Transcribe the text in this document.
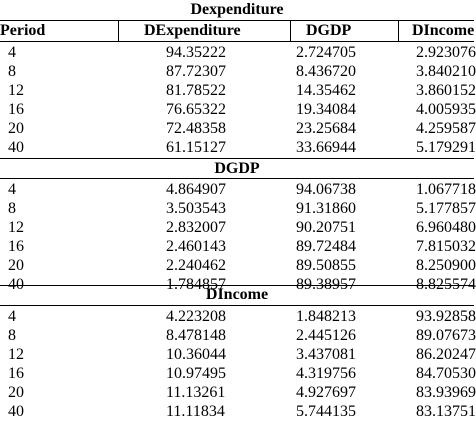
Dexpenditure
Period	DExpenditure	DGDP	DIncome
4	94.35222	2.724705	2.923076
8	87.72307	8.436720	3.840210
12	81.78522	14.35462	3.860152
16	76.65322	19.34084	4.005935
20	72.48358	23.25684	4.259587
40	61.15127	33.66944	5.179291
DGDP
4	4.864907	94.06738	1.067718
8	3.503543	91.31860	5.177857
12	2.832007	90.20751	6.960480
16	2.460143	89.72484	7.815032
20	2.240462	89.50855	8.250900
40	1.784857	89.38957	8.825574
DIncome
4	4.223208	1.848213	93.92858
8	8.478148	2.445126	89.07673
12	10.36044	3.437081	86.20247
16	10.97495	4.319756	84.70530
20	11.13261	4.927697	83.93969
40	11.11834	5.744135	83.13751
